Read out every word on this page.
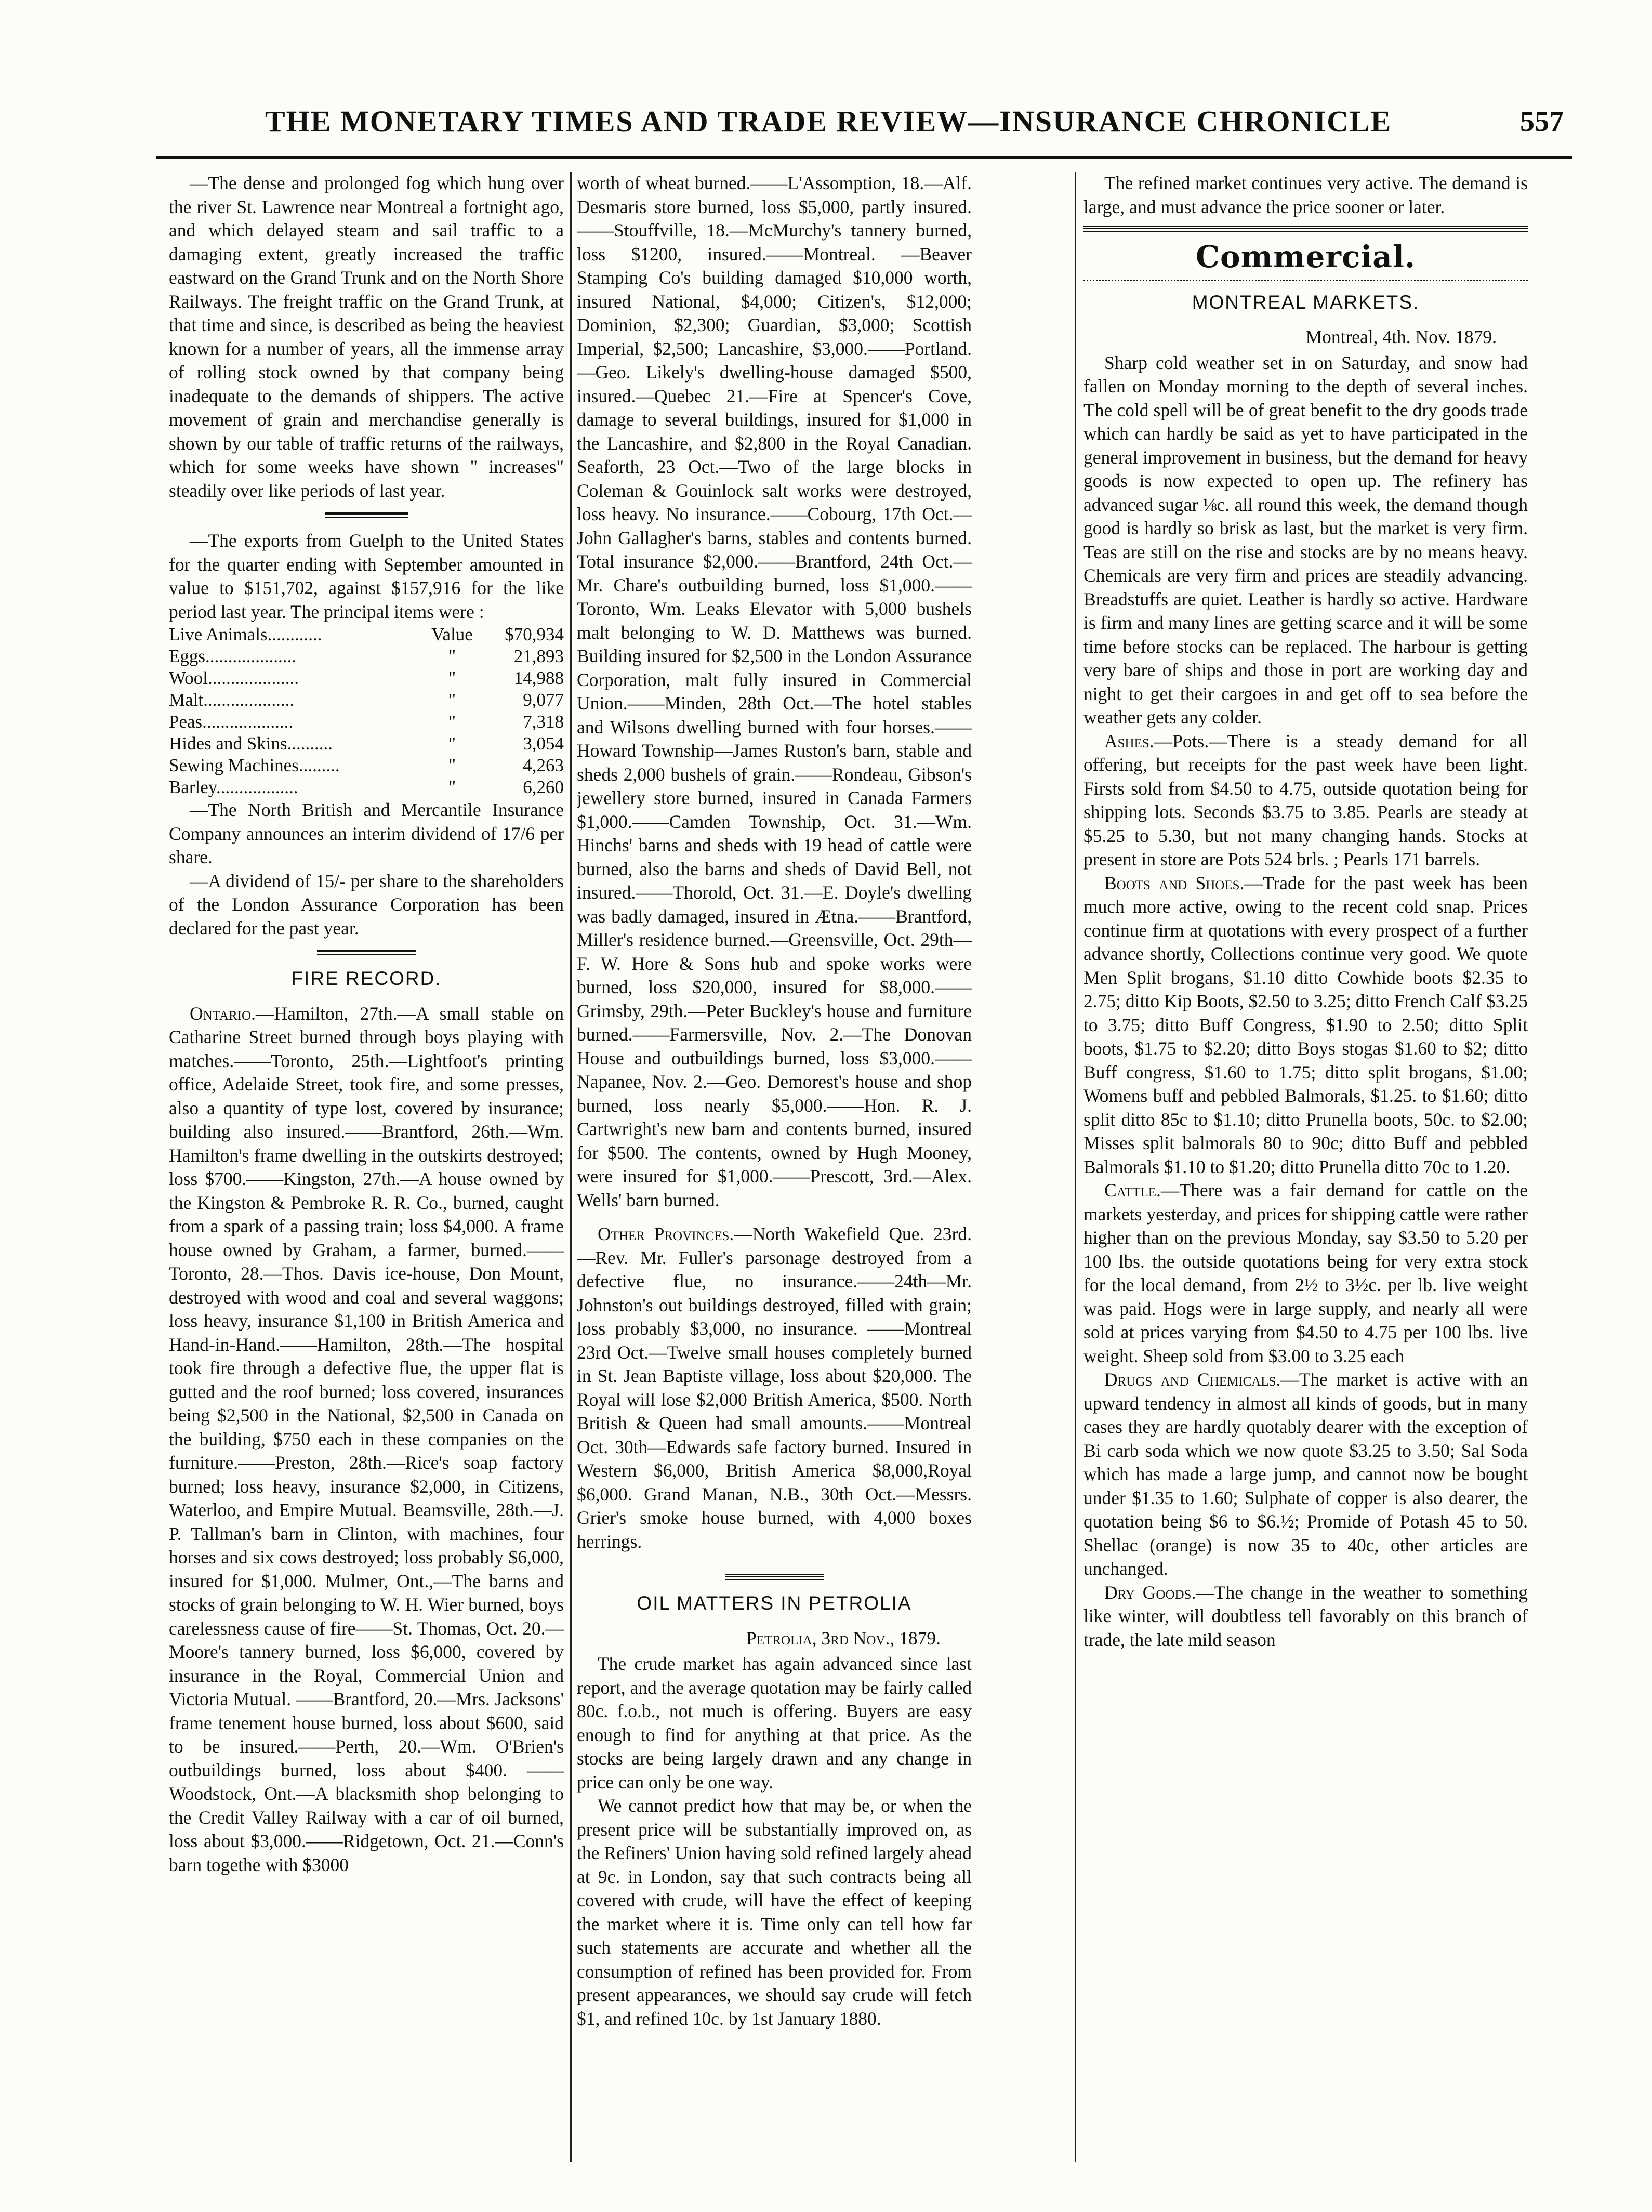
THE MONETARY TIMES AND TRADE REVIEW—INSURANCE CHRONICLE	557

—The dense and prolonged fog which hung over the river St. Lawrence near Montreal a fortnight ago, and which delayed steam and sail traffic to a damaging extent, greatly increased the traffic eastward on the Grand Trunk and on the North Shore Railways. The freight traffic on the Grand Trunk, at that time and since, is described as being the heaviest known for a number of years, all the immense array of rolling stock owned by that company being inadequate to the demands of shippers. The active movement of grain and merchandise generally is shown by our table of traffic returns of the railways, which for some weeks have shown " increases" steadily over like periods of last year.

—The exports from Guelph to the United States for the quarter ending with September amounted in value to $151,702, against $157,916 for the like period last year. The principal items were :

Live Animals............	Value	$70,934
Eggs....................	"	21,893
Wool....................	"	14,988
Malt....................	"	9,077
Peas....................	"	7,318
Hides and Skins..........	"	3,054
Sewing Machines.........	"	4,263
Barley..................	"	6,260

—The North British and Mercantile Insurance Company announces an interim dividend of 17/6 per share.

—A dividend of 15/- per share to the shareholders of the London Assurance Corporation has been declared for the past year.

FIRE RECORD.

Ontario.—Hamilton, 27th.—A small stable on Catharine Street burned through boys playing with matches.——Toronto, 25th.—Lightfoot's printing office, Adelaide Street, took fire, and some presses, also a quantity of type lost, covered by insurance; building also insured.——Brantford, 26th.—Wm. Hamilton's frame dwelling in the outskirts destroyed; loss $700.——Kingston, 27th.—A house owned by the Kingston & Pembroke R. R. Co., burned, caught from a spark of a passing train; loss $4,000. A frame house owned by Graham, a farmer, burned.——Toronto, 28.—Thos. Davis ice-house, Don Mount, destroyed with wood and coal and several waggons; loss heavy, insurance $1,100 in British America and Hand-in-Hand.——Hamilton, 28th.—The hospital took fire through a defective flue, the upper flat is gutted and the roof burned; loss covered, insurances being $2,500 in the National, $2,500 in Canada on the building, $750 each in these companies on the furniture.——Preston, 28th.—Rice's soap factory burned; loss heavy, insurance $2,000, in Citizens, Waterloo, and Empire Mutual. Beamsville, 28th.—J. P. Tallman's barn in Clinton, with machines, four horses and six cows destroyed; loss probably $6,000, insured for $1,000. Mulmer, Ont.,—The barns and stocks of grain belonging to W. H. Wier burned, boys carelessness cause of fire——St. Thomas, Oct. 20.—Moore's tannery burned, loss $6,000, covered by insurance in the Royal, Commercial Union and Victoria Mutual. ——Brantford, 20.—Mrs. Jacksons' frame tenement house burned, loss about $600, said to be insured.——Perth, 20.—Wm. O'Brien's outbuildings burned, loss about $400. ——Woodstock, Ont.—A blacksmith shop belonging to the Credit Valley Railway with a car of oil burned, loss about $3,000.——Ridgetown, Oct. 21.—Conn's barn togethe with $3000

worth of wheat burned.——L'Assomption, 18.—Alf. Desmaris store burned, loss $5,000, partly insured.——Stouffville, 18.—McMurchy's tannery burned, loss $1200, insured.——Montreal. —Beaver Stamping Co's building damaged $10,000 worth, insured National, $4,000; Citizen's, $12,000; Dominion, $2,300; Guardian, $3,000; Scottish Imperial, $2,500; Lancashire, $3,000.——Portland.—Geo. Likely's dwelling-house damaged $500, insured.—Quebec 21.—Fire at Spencer's Cove, damage to several buildings, insured for $1,000 in the Lancashire, and $2,800 in the Royal Canadian. Seaforth, 23 Oct.—Two of the large blocks in Coleman & Gouinlock salt works were destroyed, loss heavy. No insurance.——Cobourg, 17th Oct.—John Gallagher's barns, stables and contents burned. Total insurance $2,000.——Brantford, 24th Oct.—Mr. Chare's outbuilding burned, loss $1,000.——Toronto, Wm. Leaks Elevator with 5,000 bushels malt belonging to W. D. Matthews was burned. Building insured for $2,500 in the London Assurance Corporation, malt fully insured in Commercial Union.——Minden, 28th Oct.—The hotel stables and Wilsons dwelling burned with four horses.——Howard Township—James Ruston's barn, stable and sheds 2,000 bushels of grain.——Rondeau, Gibson's jewellery store burned, insured in Canada Farmers $1,000.——Camden Township, Oct. 31.—Wm. Hinchs' barns and sheds with 19 head of cattle were burned, also the barns and sheds of David Bell, not insured.——Thorold, Oct. 31.—E. Doyle's dwelling was badly damaged, insured in Ætna.——Brantford, Miller's residence burned.—Greensville, Oct. 29th—F. W. Hore & Sons hub and spoke works were burned, loss $20,000, insured for $8,000.——Grimsby, 29th.—Peter Buckley's house and furniture burned.——Farmersville, Nov. 2.—The Donovan House and outbuildings burned, loss $3,000.——Napanee, Nov. 2.—Geo. Demorest's house and shop burned, loss nearly $5,000.——Hon. R. J. Cartwright's new barn and contents burned, insured for $500. The contents, owned by Hugh Mooney, were insured for $1,000.——Prescott, 3rd.—Alex. Wells' barn burned.

Other Provinces.—North Wakefield Que. 23rd.—Rev. Mr. Fuller's parsonage destroyed from a defective flue, no insurance.——24th—Mr. Johnston's out buildings destroyed, filled with grain; loss probably $3,000, no insurance. ——Montreal 23rd Oct.—Twelve small houses completely burned in St. Jean Baptiste village, loss about $20,000. The Royal will lose $2,000 British America, $500. North British & Queen had small amounts.——Montreal Oct. 30th—Edwards safe factory burned. Insured in Western $6,000, British America $8,000,Royal $6,000. Grand Manan, N.B., 30th Oct.—Messrs. Grier's smoke house burned, with 4,000 boxes herrings.

OIL MATTERS IN PETROLIA
Petrolia, 3rd Nov., 1879.

The crude market has again advanced since last report, and the average quotation may be fairly called 80c. f.o.b., not much is offering. Buyers are easy enough to find for anything at that price. As the stocks are being largely drawn and any change in price can only be one way.

We cannot predict how that may be, or when the present price will be substantially improved on, as the Refiners' Union having sold refined largely ahead at 9c. in London, say that such contracts being all covered with crude, will have the effect of keeping the market where it is. Time only can tell how far such statements are accurate and whether all the consumption of refined has been provided for. From present appearances, we should say crude will fetch $1, and refined 10c. by 1st January 1880.

The refined market continues very active. The demand is large, and must advance the price sooner or later.

Commercial.
MONTREAL MARKETS.
Montreal, 4th. Nov. 1879.

Sharp cold weather set in on Saturday, and snow had fallen on Monday morning to the depth of several inches. The cold spell will be of great benefit to the dry goods trade which can hardly be said as yet to have participated in the general improvement in business, but the demand for heavy goods is now expected to open up. The refinery has advanced sugar ⅛c. all round this week, the demand though good is hardly so brisk as last, but the market is very firm. Teas are still on the rise and stocks are by no means heavy. Chemicals are very firm and prices are steadily advancing. Breadstuffs are quiet. Leather is hardly so active. Hardware is firm and many lines are getting scarce and it will be some time before stocks can be replaced. The harbour is getting very bare of ships and those in port are working day and night to get their cargoes in and get off to sea before the weather gets any colder.

Ashes.—Pots.—There is a steady demand for all offering, but receipts for the past week have been light. Firsts sold from $4.50 to 4.75, outside quotation being for shipping lots. Seconds $3.75 to 3.85. Pearls are steady at $5.25 to 5.30, but not many changing hands. Stocks at present in store are Pots 524 brls. ; Pearls 171 barrels.

Boots and Shoes.—Trade for the past week has been much more active, owing to the recent cold snap. Prices continue firm at quotations with every prospect of a further advance shortly, Collections continue very good. We quote Men Split brogans, $1.10 ditto Cowhide boots $2.35 to 2.75; ditto Kip Boots, $2.50 to 3.25; ditto French Calf $3.25 to 3.75; ditto Buff Congress, $1.90 to 2.50; ditto Split boots, $1.75 to $2.20; ditto Boys stogas $1.60 to $2; ditto Buff congress, $1.60 to 1.75; ditto split brogans, $1.00; Womens buff and pebbled Balmorals, $1.25. to $1.60; ditto split ditto 85c to $1.10; ditto Prunella boots, 50c. to $2.00; Misses split balmorals 80 to 90c; ditto Buff and pebbled Balmorals $1.10 to $1.20; ditto Prunella ditto 70c to 1.20.

Cattle.—There was a fair demand for cattle on the markets yesterday, and prices for shipping cattle were rather higher than on the previous Monday, say $3.50 to 5.20 per 100 lbs. the outside quotations being for very extra stock for the local demand, from 2½ to 3½c. per lb. live weight was paid. Hogs were in large supply, and nearly all were sold at prices varying from $4.50 to 4.75 per 100 lbs. live weight. Sheep sold from $3.00 to 3.25 each

Drugs and Chemicals.—The market is active with an upward tendency in almost all kinds of goods, but in many cases they are hardly quotably dearer with the exception of Bi carb soda which we now quote $3.25 to 3.50; Sal Soda which has made a large jump, and cannot now be bought under $1.35 to 1.60; Sulphate of copper is also dearer, the quotation being $6 to $6.½; Promide of Potash 45 to 50. Shellac (orange) is now 35 to 40c, other articles are unchanged.

Dry Goods.—The change in the weather to something like winter, will doubtless tell favorably on this branch of trade, the late mild season
